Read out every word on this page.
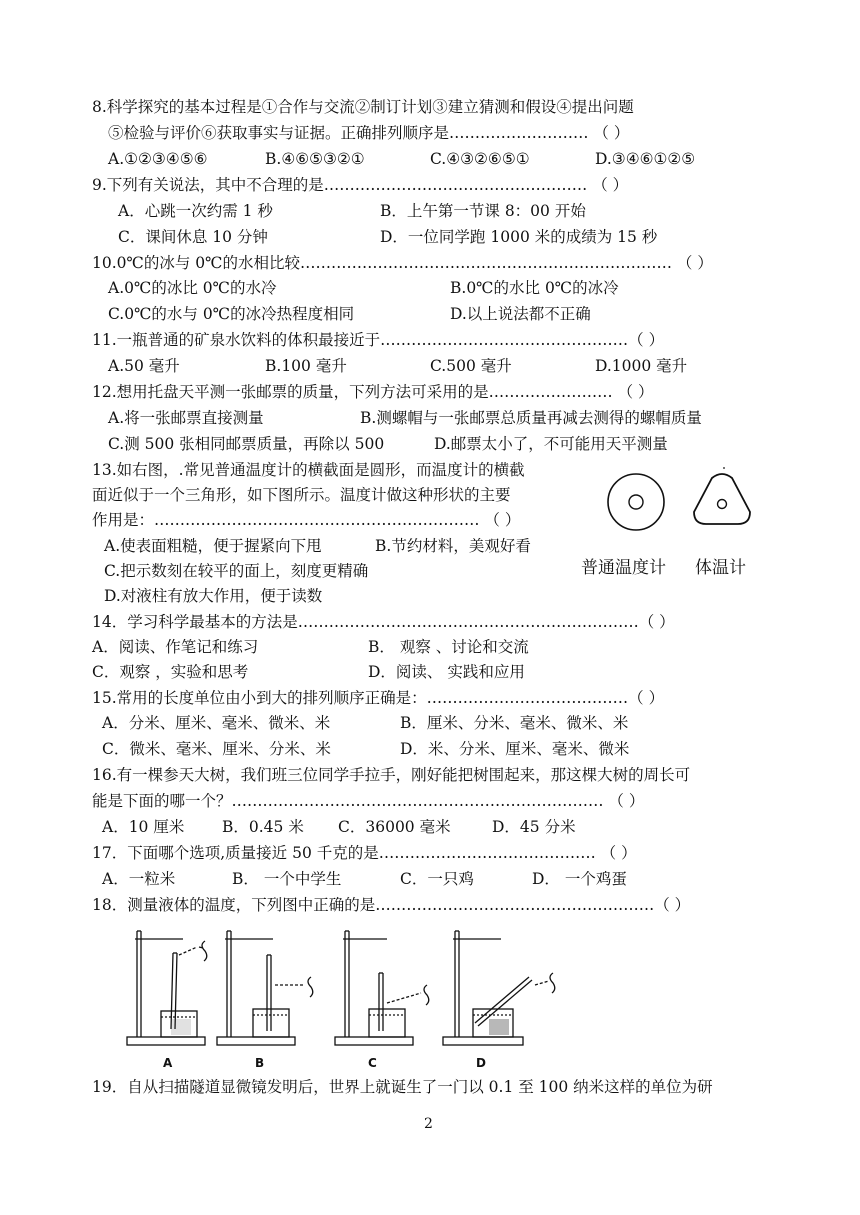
8.科学探究的基本过程是①合作与交流②制订计划③建立猜测和假设④提出问题
⑤检验与评价⑥获取事实与证据。正确排列顺序是……………………… （ ）
A.①②③④⑤⑥	B.④⑥⑤③②①	C.④③②⑥⑤①	D.③④⑥①②⑤
9.下列有关说法，其中不合理的是…………………………………………… （ ）
A．心跳一次约需 1 秒	B．上午第一节课 8：00 开始
C．课间休息 10 分钟	D．一位同学跑 1000 米的成绩为 15 秒
10.0℃的冰与 0℃的水相比较……………………………………………………………… （ ）
A.0℃的冰比 0℃的水冷	B.0℃的水比 0℃的冰冷
C.0℃的水与 0℃的冰冷热程度相同	D.以上说法都不正确
11.一瓶普通的矿泉水饮料的体积最接近于…………………………………………（ ）
A.50 毫升	B.100 毫升	C.500 毫升	D.1000 毫升
12.想用托盘天平测一张邮票的质量，下列方法可采用的是…………………… （ ）
A.将一张邮票直接测量	B.测螺帽与一张邮票总质量再减去测得的螺帽质量
C.测 500 张相同邮票质量，再除以 500	D.邮票太小了，不可能用天平测量
13.如右图，.常见普通温度计的横截面是圆形，而温度计的横截
面近似于一个三角形，如下图所示。温度计做这种形状的主要
作用是：……………………………………………………… （ ）
A.使表面粗糙，便于握紧向下甩	B.节约材料，美观好看
C.把示数刻在较平的面上，刻度更精确
D.对液柱有放大作用，便于读数
普通温度计 体温计
14．学习科学最基本的方法是…………………………………………………………（ ）
A．阅读、作笔记和练习	B． 观察 、讨论和交流
C．观察 ，实验和思考	D．阅读、 实践和应用
15.常用的长度单位由小到大的排列顺序正确是：…………………………………（ ）
A．分米、厘米、毫米、微米、米	B．厘米、分米、毫米、微米、米
C．微米、毫米、厘米、分米、米	D．米、分米、厘米、毫米、微米
16.有一棵参天大树，我们班三位同学手拉手，刚好能把树围起来，那这棵大树的周长可
能是下面的哪一个？……………………………………………………………… （ ）
A．10 厘米 B．0.45 米 C．36000 毫米	D．45 分米
17．下面哪个选项,质量接近 50 千克的是…………………………………… （ ）
A．一粒米	B． 一个中学生	C．一只鸡	D． 一个鸡蛋
18．测量液体的温度，下列图中正确的是………………………………………………（ ）
A	B	C	D
19．自从扫描隧道显微镜发明后，世界上就诞生了一门以 0.1 至 100 纳米这样的单位为研
2
